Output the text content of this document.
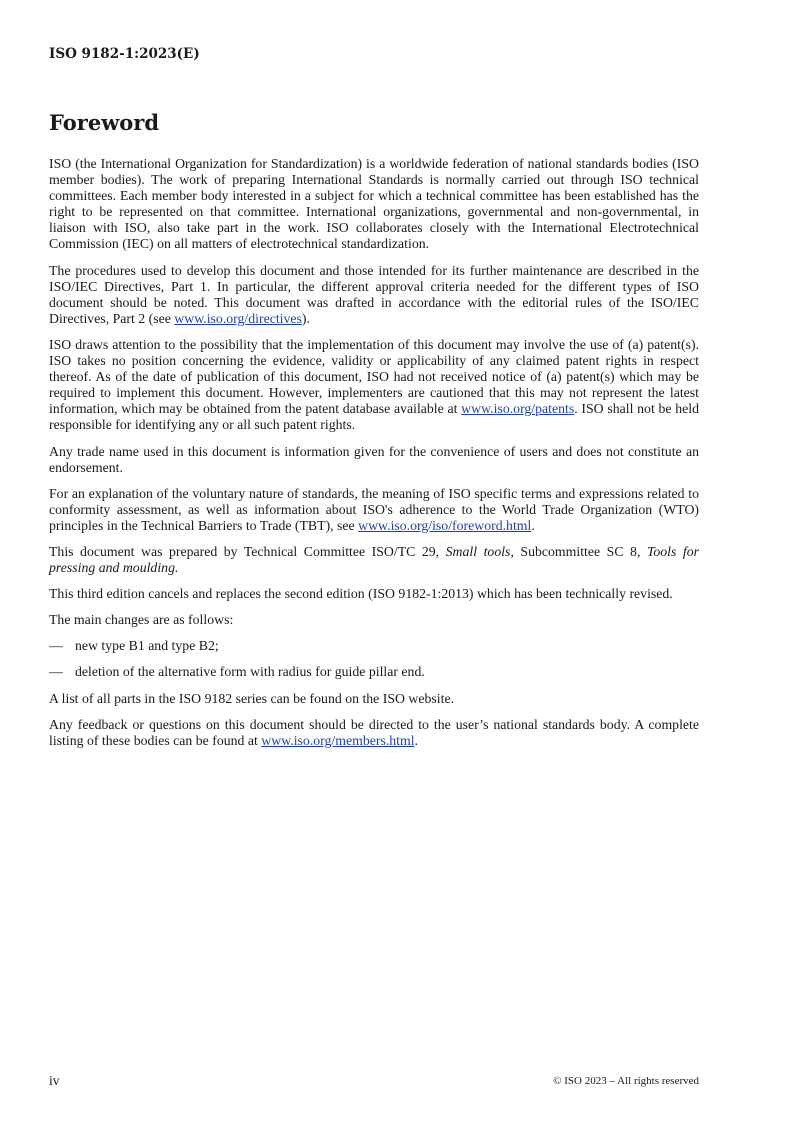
ISO 9182-1:2023(E)
Foreword

ISO (the International Organization for Standardization) is a worldwide federation of national standards bodies (ISO member bodies). The work of preparing International Standards is normally carried out through ISO technical committees. Each member body interested in a subject for which a technical committee has been established has the right to be represented on that committee. International organizations, governmental and non-governmental, in liaison with ISO, also take part in the work. ISO collaborates closely with the International Electrotechnical Commission (IEC) on all matters of electrotechnical standardization.

The procedures used to develop this document and those intended for its further maintenance are described in the ISO/IEC Directives, Part 1. In particular, the different approval criteria needed for the different types of ISO document should be noted. This document was drafted in accordance with the editorial rules of the ISO/IEC Directives, Part 2 (see www.iso.org/directives).

ISO draws attention to the possibility that the implementation of this document may involve the use of (a) patent(s). ISO takes no position concerning the evidence, validity or applicability of any claimed patent rights in respect thereof. As of the date of publication of this document, ISO had not received notice of (a) patent(s) which may be required to implement this document. However, implementers are cautioned that this may not represent the latest information, which may be obtained from the patent database available at www.iso.org/patents. ISO shall not be held responsible for identifying any or all such patent rights.

Any trade name used in this document is information given for the convenience of users and does not constitute an endorsement.

For an explanation of the voluntary nature of standards, the meaning of ISO specific terms and expressions related to conformity assessment, as well as information about ISO's adherence to the World Trade Organization (WTO) principles in the Technical Barriers to Trade (TBT), see www.iso.org/iso/foreword.html.

This document was prepared by Technical Committee ISO/TC 29, Small tools, Subcommittee SC 8, Tools for pressing and moulding.

This third edition cancels and replaces the second edition (ISO 9182-1:2013) which has been technically revised.

The main changes are as follows:

— new type B1 and type B2;
— deletion of the alternative form with radius for guide pillar end.

A list of all parts in the ISO 9182 series can be found on the ISO website.

Any feedback or questions on this document should be directed to the user’s national standards body. A complete listing of these bodies can be found at www.iso.org/members.html.

iv	© ISO 2023 – All rights reserved
